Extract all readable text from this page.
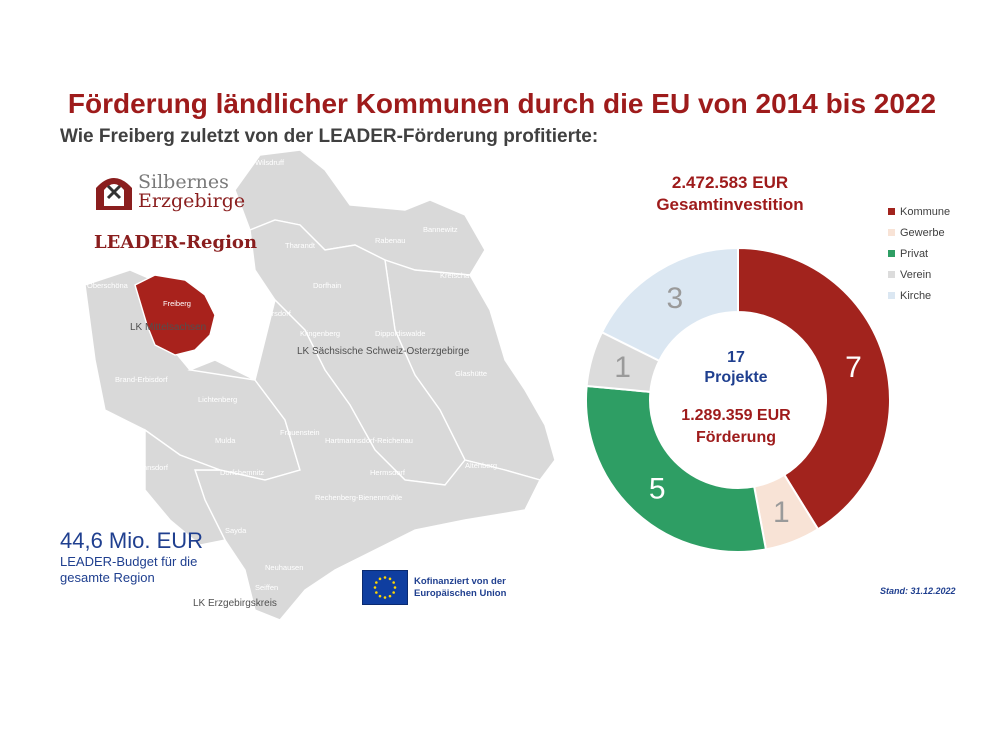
Förderung ländlicher Kommunen durch die EU von 2014 bis 2022
Wie Freiberg zuletzt von der LEADER-Förderung profitierte:
Freiberg
Wilsdruff
Freital
Bannewitz
Tharandt
Rabenau
Kreischa
Oberschöna	Dorfhain
Bobritzsch-Hilbersdorf
Klingenberg	Dippoldiswalde
LK Mittelsachsen
Weißenborn
LK Sächsische Schweiz-Osterzgebirge
Brand-Erbisdorf
Glashütte
Lichtenberg
Frauenstein
Hartmannsdorf-Reichenau
Mulda
Altenberg
Groß-hartmannsdorf
Hermsdorf
Dorfchemnitz
Rechenberg-Bienenmühle
Sayda
Neuhausen
Seiffen
LK Erzgebirgskreis
Silbernes
Erzgebirge
LEADER-Region
44,6 Mio. EUR
LEADER-Budget für die
gesamte Region	Kofinanziert von der
Europäischen Union
2.472.583 EUR
Gesamtinvestition
7
1
5
1
3
17
Projekte
1.289.359 EUR
Förderung
Kommune
Gewerbe
Privat
Verein
Kirche
Stand: 31.12.2022
